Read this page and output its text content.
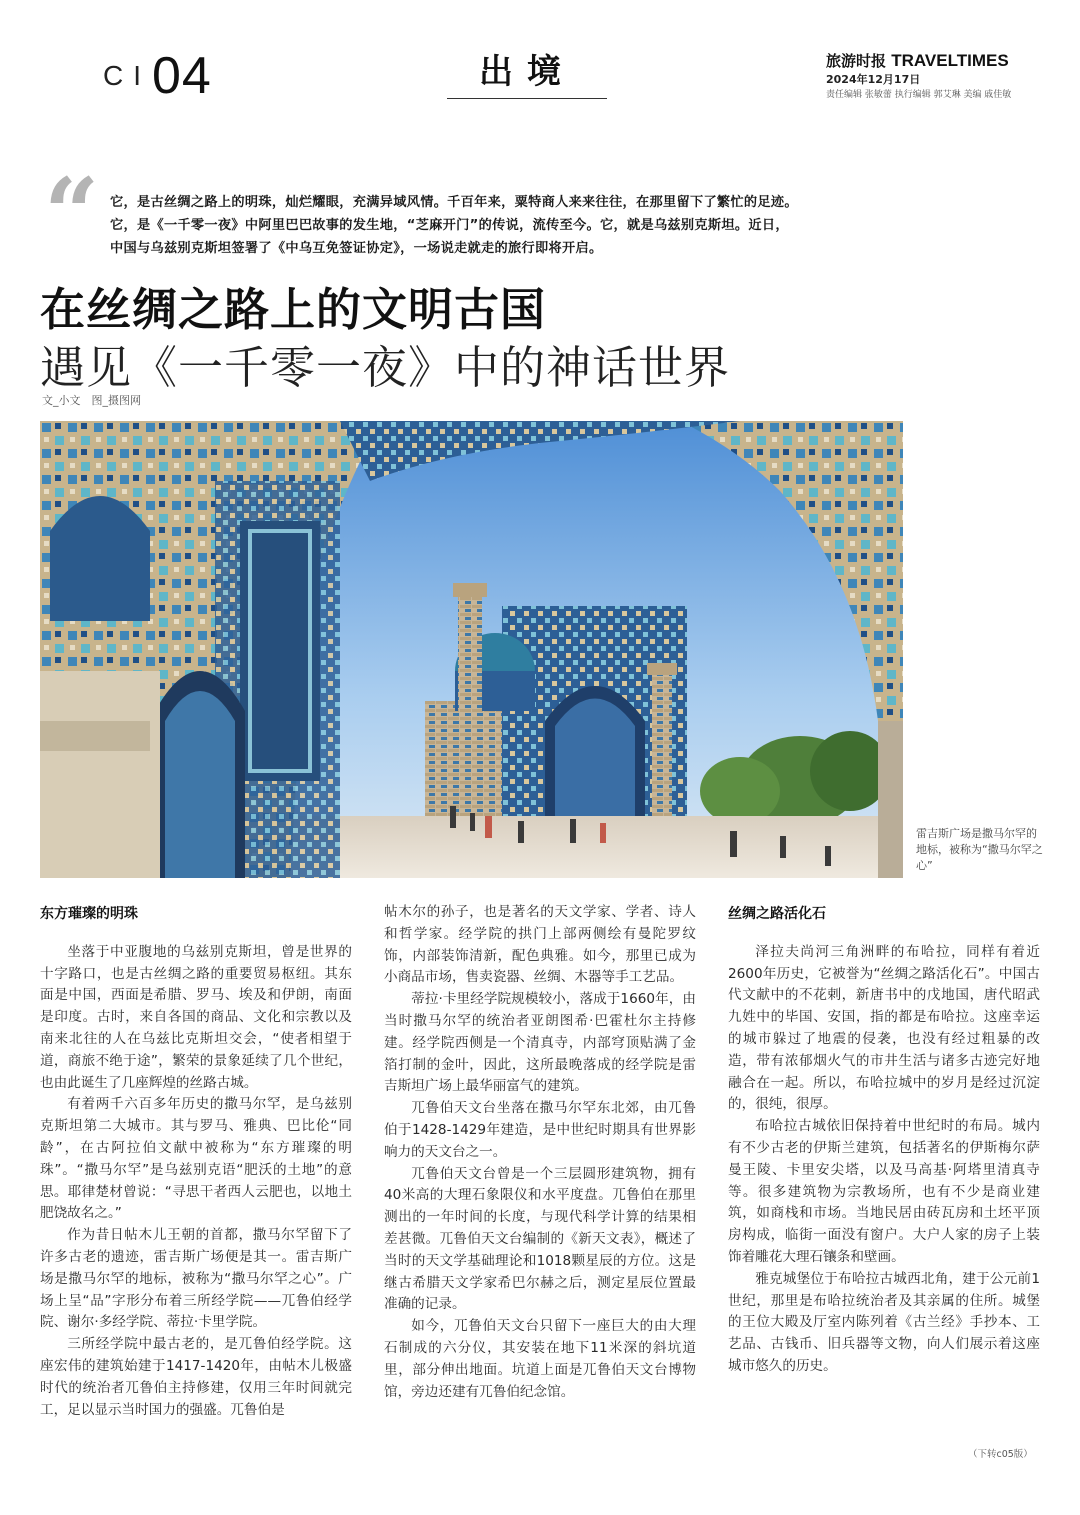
CI 04	出境	旅游时报 TRAVELTIMES
2024年12月17日
责任编辑 张敏蕾 执行编辑 郭艾琳 美编 戚佳敏
“ 它，是古丝绸之路上的明珠，灿烂耀眼，充满异域风情。千百年来，粟特商人来来往往，在那里留下了繁忙的足迹。它，是《一千零一夜》中阿里巴巴故事的发生地，“芝麻开门”的传说，流传至今。它，就是乌兹别克斯坦。近日，中国与乌兹别克斯坦签署了《中乌互免签证协定》，一场说走就走的旅行即将开启。
在丝绸之路上的文明古国
遇见《一千零一夜》中的神话世界
文_小文　图_摄图网
雷吉斯广场是撒马尔罕的地标，被称为“撒马尔罕之心”
东方璀璨的明珠

坐落于中亚腹地的乌兹别克斯坦，曾是世界的十字路口，也是古丝绸之路的重要贸易枢纽。其东面是中国，西面是希腊、罗马、埃及和伊朗，南面是印度。古时，来自各国的商品、文化和宗教以及南来北往的人在乌兹比克斯坦交会，“使者相望于道，商旅不绝于途”，繁荣的景象延续了几个世纪，也由此诞生了几座辉煌的丝路古城。

有着两千六百多年历史的撒马尔罕，是乌兹别克斯坦第二大城市。其与罗马、雅典、巴比伦“同龄”，在古阿拉伯文献中被称为“东方璀璨的明珠”。“撒马尔罕”是乌兹别克语“肥沃的土地”的意思。耶律楚材曾说：“寻思干者西人云肥也，以地土肥饶故名之。”

作为昔日帖木儿王朝的首都，撒马尔罕留下了许多古老的遗迹，雷吉斯广场便是其一。雷吉斯广场是撒马尔罕的地标，被称为“撒马尔罕之心”。广场上呈“品”字形分布着三所经学院——兀鲁伯经学院、谢尔·多经学院、蒂拉·卡里学院。

三所经学院中最古老的，是兀鲁伯经学院。这座宏伟的建筑始建于1417-1420年，由帖木儿极盛时代的统治者兀鲁伯主持修建，仅用三年时间就完工，足以显示当时国力的强盛。兀鲁伯是

帖木尔的孙子，也是著名的天文学家、学者、诗人和哲学家。经学院的拱门上部两侧绘有曼陀罗纹饰，内部装饰清新，配色典雅。如今，那里已成为小商品市场，售卖瓷器、丝绸、木器等手工艺品。

蒂拉·卡里经学院规模较小，落成于1660年，由当时撒马尔罕的统治者亚朗图希·巴霍杜尔主持修建。经学院西侧是一个清真寺，内部穹顶贴满了金箔打制的金叶，因此，这所最晚落成的经学院是雷吉斯坦广场上最华丽富气的建筑。

兀鲁伯天文台坐落在撒马尔罕东北郊，由兀鲁伯于1428-1429年建造，是中世纪时期具有世界影响力的天文台之一。

兀鲁伯天文台曾是一个三层圆形建筑物，拥有40米高的大理石象限仪和水平度盘。兀鲁伯在那里测出的一年时间的长度，与现代科学计算的结果相差甚微。兀鲁伯天文台编制的《新天文表》，概述了当时的天文学基础理论和1018颗星辰的方位。这是继古希腊天文学家希巴尔赫之后，测定星辰位置最准确的记录。

如今，兀鲁伯天文台只留下一座巨大的由大理石制成的六分仪，其安装在地下11米深的斜坑道里，部分伸出地面。坑道上面是兀鲁伯天文台博物馆，旁边还建有兀鲁伯纪念馆。

丝绸之路活化石

泽拉夫尚河三角洲畔的布哈拉，同样有着近2600年历史，它被誉为“丝绸之路活化石”。中国古代文献中的不花剌，新唐书中的戊地国，唐代昭武九姓中的毕国、安国，指的都是布哈拉。这座幸运的城市躲过了地震的侵袭，也没有经过粗暴的改造，带有浓郁烟火气的市井生活与诸多古迹完好地融合在一起。所以，布哈拉城中的岁月是经过沉淀的，很纯，很厚。

布哈拉古城依旧保持着中世纪时的布局。城内有不少古老的伊斯兰建筑，包括著名的伊斯梅尔萨曼王陵、卡里安尖塔，以及马高基·阿塔里清真寺等。很多建筑物为宗教场所，也有不少是商业建筑，如商栈和市场。当地民居由砖瓦房和土坯平顶房构成，临街一面没有窗户。大户人家的房子上装饰着雕花大理石镶条和壁画。

雅克城堡位于布哈拉古城西北角，建于公元前1世纪，那里是布哈拉统治者及其亲属的住所。城堡的王位大殿及厅室内陈列着《古兰经》手抄本、工艺品、古钱币、旧兵器等文物，向人们展示着这座城市悠久的历史。

（下转c05版）
